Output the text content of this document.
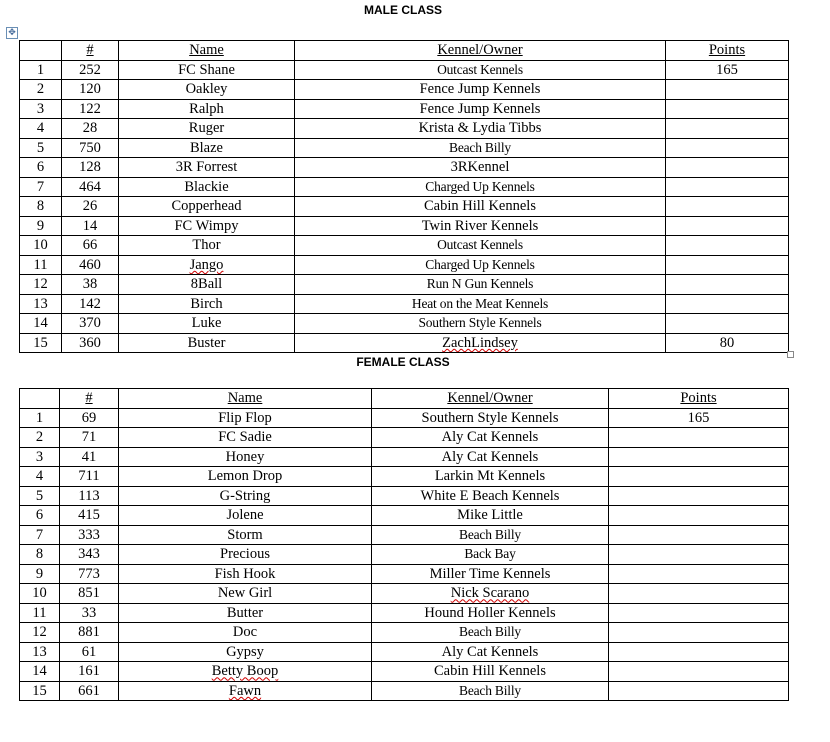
✥
MALE CLASS
	#	Name	Kennel/Owner	Points
1	252	FC Shane	Outcast Kennels	165
2	120	Oakley	Fence Jump Kennels	
3	122	Ralph	Fence Jump Kennels	
4	28	Ruger	Krista & Lydia Tibbs	
5	750	Blaze	Beach Billy	
6	128	3R Forrest	3RKennel	
7	464	Blackie	Charged Up Kennels	
8	26	Copperhead	Cabin Hill Kennels	
9	14	FC Wimpy	Twin River Kennels	
10	66	Thor	Outcast Kennels	
11	460	Jango	Charged Up Kennels	
12	38	8Ball	Run N Gun Kennels	
13	142	Birch	Heat on the Meat Kennels	
14	370	Luke	Southern Style Kennels	
15	360	Buster	ZachLindsey	80
FEMALE CLASS
	#	Name	Kennel/Owner	Points
1	69	Flip Flop	Southern Style Kennels	165
2	71	FC Sadie	Aly Cat Kennels	
3	41	Honey	Aly Cat Kennels	
4	711	Lemon Drop	Larkin Mt Kennels	
5	113	G-String	White E Beach Kennels	
6	415	Jolene	Mike Little	
7	333	Storm	Beach Billy	
8	343	Precious	Back Bay	
9	773	Fish Hook	Miller Time Kennels	
10	851	New Girl	Nick Scarano	
11	33	Butter	Hound Holler Kennels	
12	881	Doc	Beach Billy	
13	61	Gypsy	Aly Cat Kennels	
14	161	Betty Boop	Cabin Hill Kennels	
15	661	Fawn	Beach Billy	
